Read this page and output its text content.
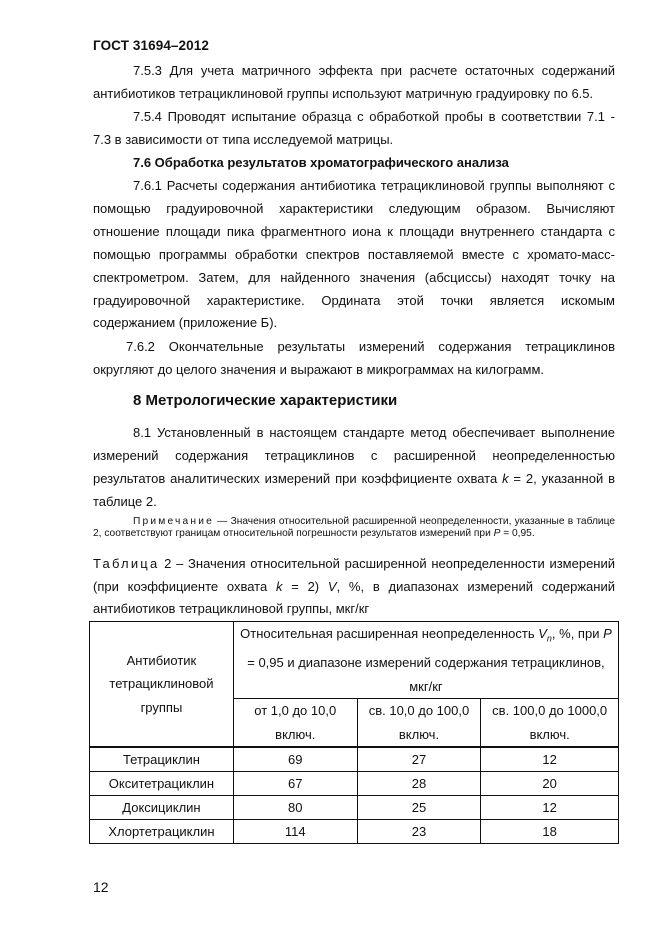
ГОСТ 31694–2012
7.5.3 Для учета матричного эффекта при расчете остаточных содержаний антибиотиков тетрациклиновой группы используют матричную градуировку по 6.5.
7.5.4 Проводят испытание образца с обработкой пробы в соответствии 7.1 - 7.3 в зависимости от типа исследуемой матрицы.
7.6 Обработка результатов хроматографического анализа
7.6.1 Расчеты содержания антибиотика тетрациклиновой группы выполняют с помощью градуировочной характеристики следующим образом. Вычисляют отношение площади пика фрагментного иона к площади внутреннего стандарта с помощью программы обработки спектров поставляемой вместе с хромато-масс-спектрометром. Затем, для найденного значения (абсцисcы) находят точку на градуировочной характеристике. Ордината этой точки является искомым содержанием (приложение Б).
7.6.2 Окончательные результаты измерений содержания тетрациклинов округляют до целого значения и выражают в микрограммах на килограмм.
8 Метрологические характеристики
8.1 Установленный в настоящем стандарте метод обеспечивает выполнение измерений содержания тетрациклинов с расширенной неопределенностью результатов аналитических измерений при коэффициенте охвата k = 2, указанной в таблице 2.
Примечание — Значения относительной расширенной неопределенности, указанные в таблице 2, соответствуют границам относительной погрешности результатов измерений при P = 0,95.
Таблица 2 – Значения относительной расширенной неопределенности измерений (при коэффициенте охвата k = 2) V, %, в диапазонах измерений содержаний антибиотиков тетрациклиновой группы, мкг/кг
Антибиотик тетрациклиновой группы	Относительная расширенная неопределенность $V_n$, %, при P = 0,95 и диапазоне измерений содержания тетрациклинов, мкг/кг		
	от 1,0 до 10,0 включ.	св. 10,0 до 100,0 включ.	св. 100,0 до 1000,0 включ.
Тетрациклин	69	27	12
Окситетрациклин	67	28	20
Доксициклин	80	25	12
Хлортетрациклин	114	23	18
12
